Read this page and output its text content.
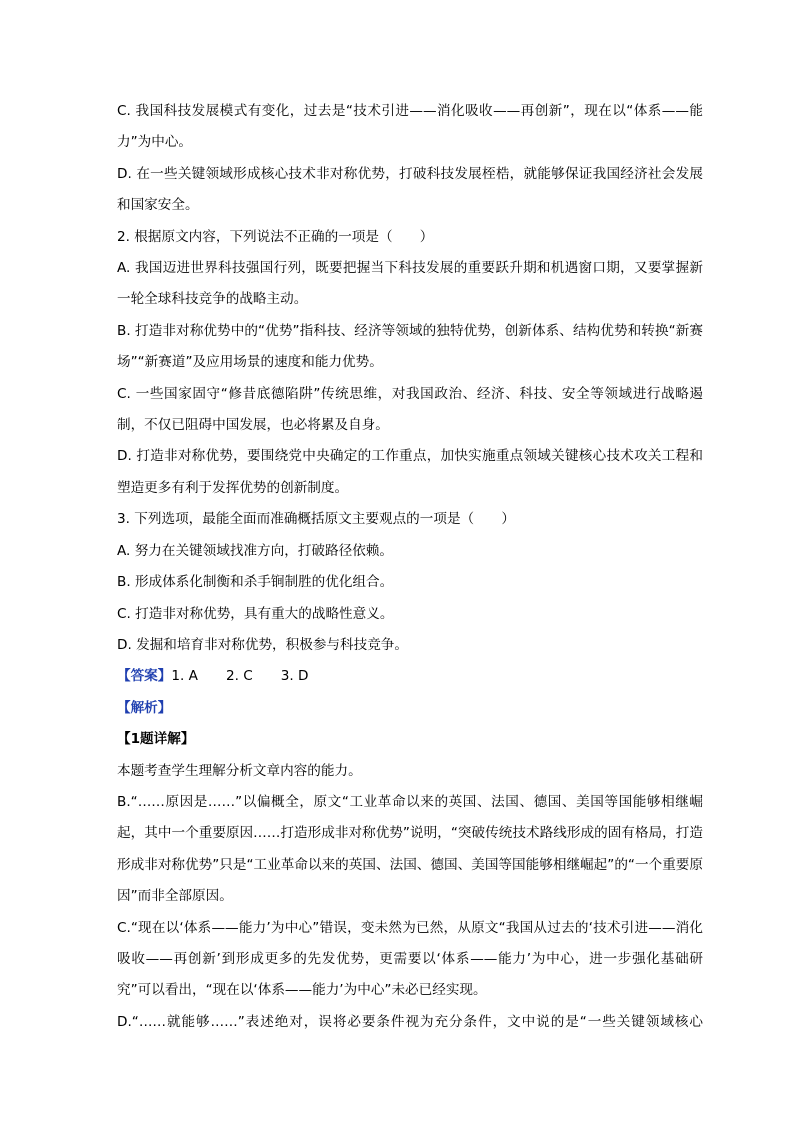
C. 我国科技发展模式有变化，过去是“技术引进——消化吸收——再创新”，现在以“体系——能力”为中心。
D. 在一些关键领域形成核心技术非对称优势，打破科技发展桎梏，就能够保证我国经济社会发展和国家安全。
2. 根据原文内容，下列说法不正确的一项是（　　）
A. 我国迈进世界科技强国行列，既要把握当下科技发展的重要跃升期和机遇窗口期，又要掌握新一轮全球科技竞争的战略主动。
B. 打造非对称优势中的“优势”指科技、经济等领域的独特优势，创新体系、结构优势和转换“新赛场”“新赛道”及应用场景的速度和能力优势。
C. 一些国家固守“修昔底德陷阱”传统思维，对我国政治、经济、科技、安全等领域进行战略遏制，不仅已阻碍中国发展，也必将累及自身。
D. 打造非对称优势，要围绕党中央确定的工作重点，加快实施重点领域关键核心技术攻关工程和塑造更多有利于发挥优势的创新制度。
3. 下列选项，最能全面而准确概括原文主要观点的一项是（　　）
A. 努力在关键领域找准方向，打破路径依赖。
B. 形成体系化制衡和杀手锏制胜的优化组合。
C. 打造非对称优势，具有重大的战略性意义。
D. 发掘和培育非对称优势，积极参与科技竞争。
【答案】1. A 2. C 3. D
【解析】
【1题详解】
本题考查学生理解分析文章内容的能力。
B.“……原因是……”以偏概全，原文“工业革命以来的英国、法国、德国、美国等国能够相继崛起，其中一个重要原因……打造形成非对称优势”说明，“突破传统技术路线形成的固有格局，打造形成非对称优势”只是“工业革命以来的英国、法国、德国、美国等国能够相继崛起”的“一个重要原因”而非全部原因。
C.“现在以‘体系——能力’为中心”错误，变未然为已然，从原文“我国从过去的‘技术引进——消化吸收——再创新’到形成更多的先发优势，更需要以‘体系——能力’为中心，进一步强化基础研究”可以看出，“现在以‘体系——能力’为中心”未必已经实现。
D.“……就能够……”表述绝对，误将必要条件视为充分条件，文中说的是“一些关键领域核心
